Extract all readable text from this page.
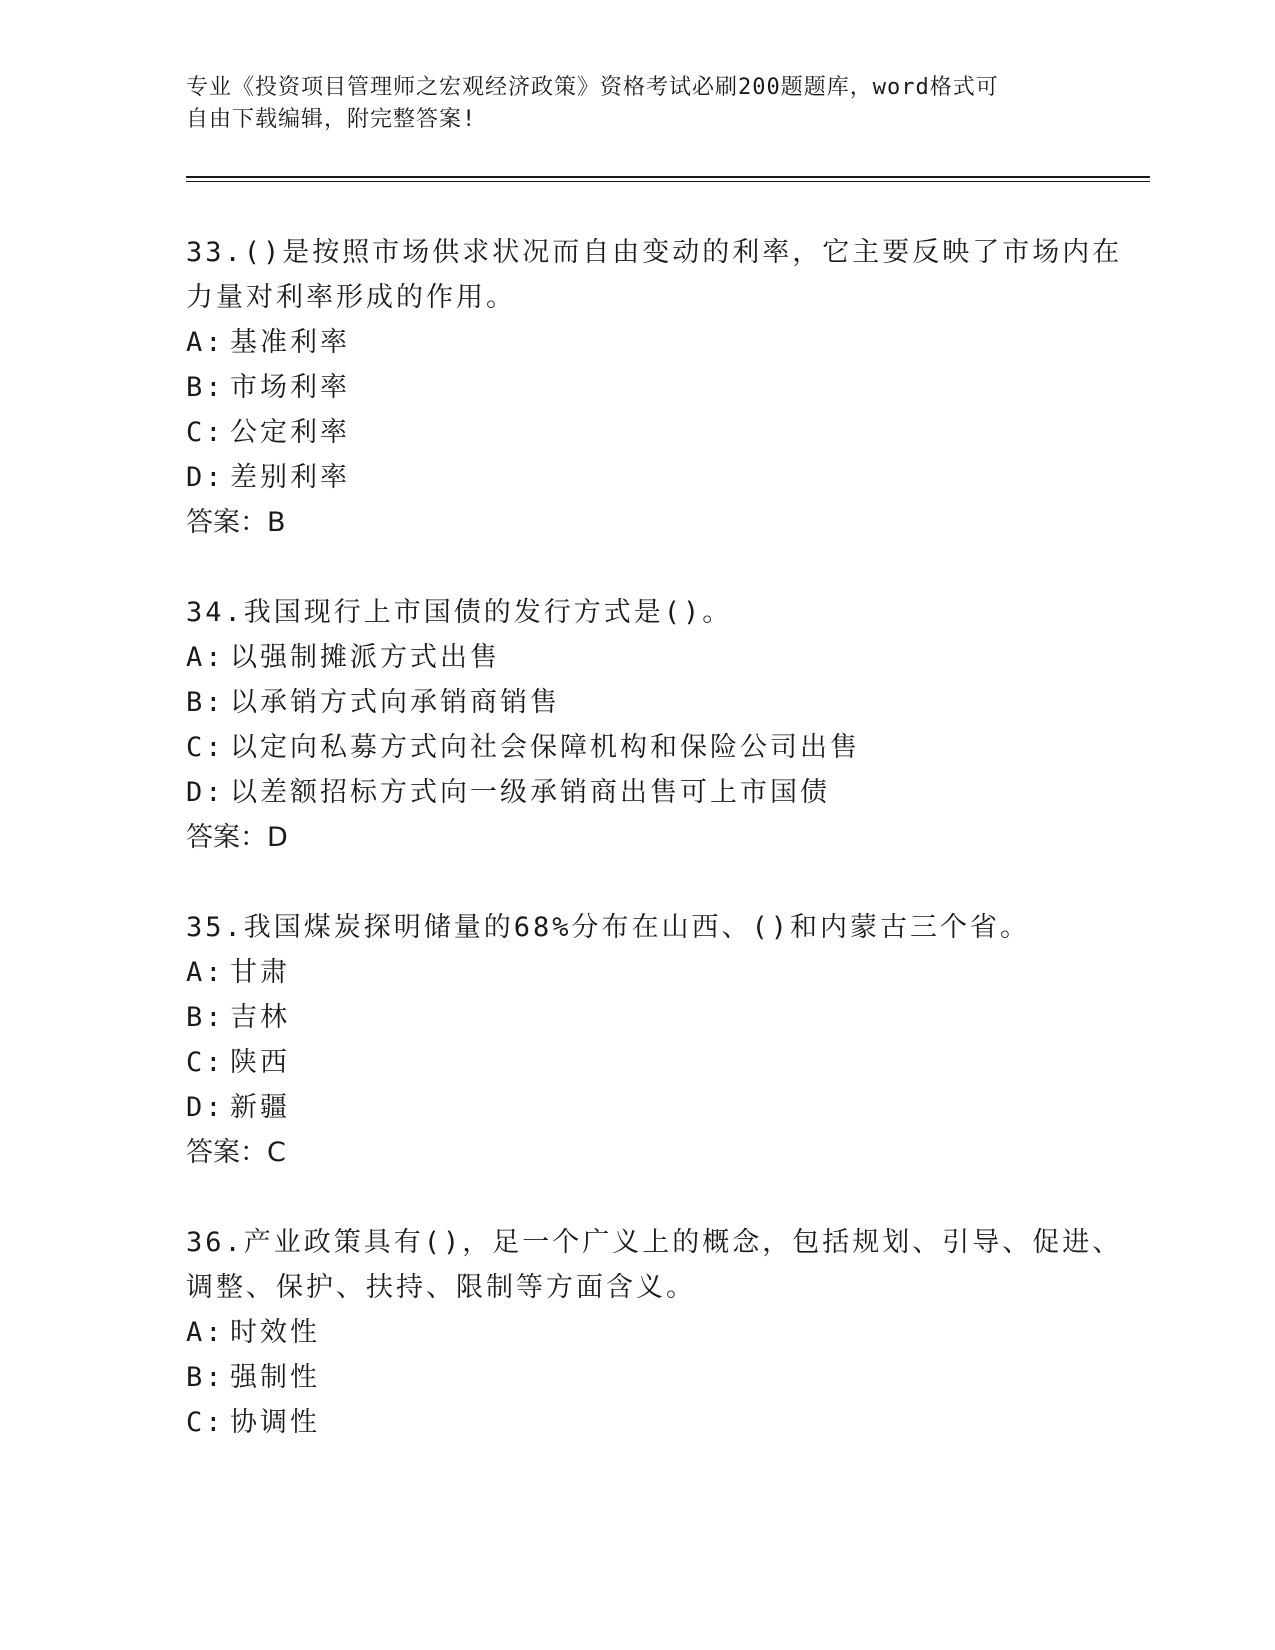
专业《投资项目管理师之宏观经济政策》资格考试必刷200题题库，word格式可
自由下载编辑，附完整答案!
33.()是按照市场供求状况而自由变动的利率，它主要反映了市场内在
力量对利率形成的作用。
A: 基准利率
B: 市场利率
C: 公定利率
D: 差别利率
答案：B
34.我国现行上市国债的发行方式是()。
A: 以强制摊派方式出售
B: 以承销方式向承销商销售
C: 以定向私募方式向社会保障机构和保险公司出售
D: 以差额招标方式向一级承销商出售可上市国债
答案：D
35.我国煤炭探明储量的68%分布在山西、()和内蒙古三个省。
A: 甘肃
B: 吉林
C: 陕西
D: 新疆
答案：C
36.产业政策具有()，足一个广义上的概念，包括规划、引导、促进、
调整、保护、扶持、限制等方面含义。
A: 时效性
B: 强制性
C: 协调性
